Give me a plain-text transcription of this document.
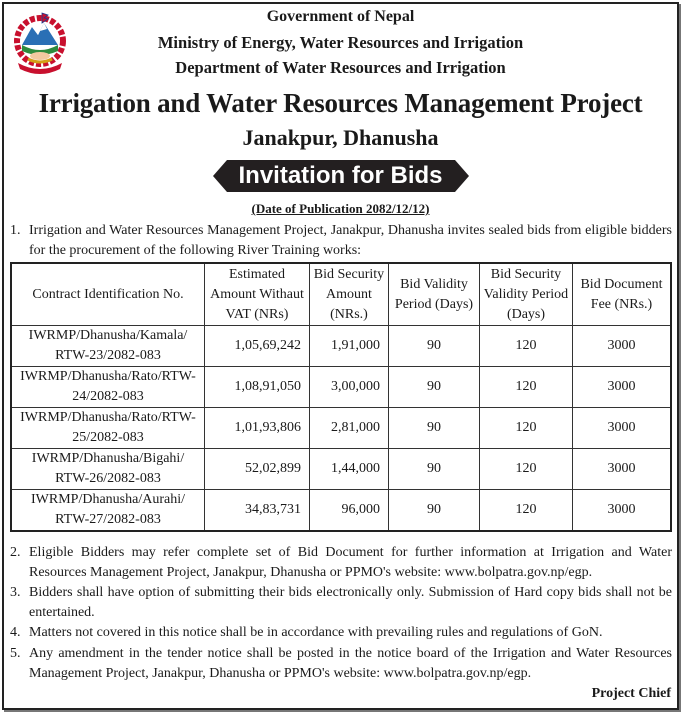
Government of Nepal
Ministry of Energy, Water Resources and Irrigation
Department of Water Resources and Irrigation
Irrigation and Water Resources Management Project
Janakpur, Dhanusha
Invitation for Bids
(Date of Publication 2082/12/12)
1. Irrigation and Water Resources Management Project, Janakpur, Dhanusha invites sealed bids from eligible bidders for the procurement of the following River Training works:
Contract Identification No.	Estimated Amount Withaut VAT (NRs)	Bid Security Amount (NRs.)	Bid Validity Period (Days)	Bid Security Validity Period (Days)	Bid Document Fee (NRs.)
IWRMP/Dhanusha/Kamala/ RTW-23/2082-083	1,05,69,242	1,91,000	90	120	3000
IWRMP/Dhanusha/Rato/RTW- 24/2082-083	1,08,91,050	3,00,000	90	120	3000
IWRMP/Dhanusha/Rato/RTW- 25/2082-083	1,01,93,806	2,81,000	90	120	3000
IWRMP/Dhanusha/Bigahi/ RTW-26/2082-083	52,02,899	1,44,000	90	120	3000
IWRMP/Dhanusha/Aurahi/ RTW-27/2082-083	34,83,731	96,000	90	120	3000
2. Eligible Bidders may refer complete set of Bid Document for further information at Irrigation and Water Resources Management Project, Janakpur, Dhanusha or PPMO's website: www.bolpatra.gov.np/egp.
3. Bidders shall have option of submitting their bids electronically only. Submission of Hard copy bids shall not be entertained.
4. Matters not covered in this notice shall be in accordance with prevailing rules and regulations of GoN.
5. Any amendment in the tender notice shall be posted in the notice board of the Irrigation and Water Resources Management Project, Janakpur, Dhanusha or PPMO's website: www.bolpatra.gov.np/egp.
Project Chief
